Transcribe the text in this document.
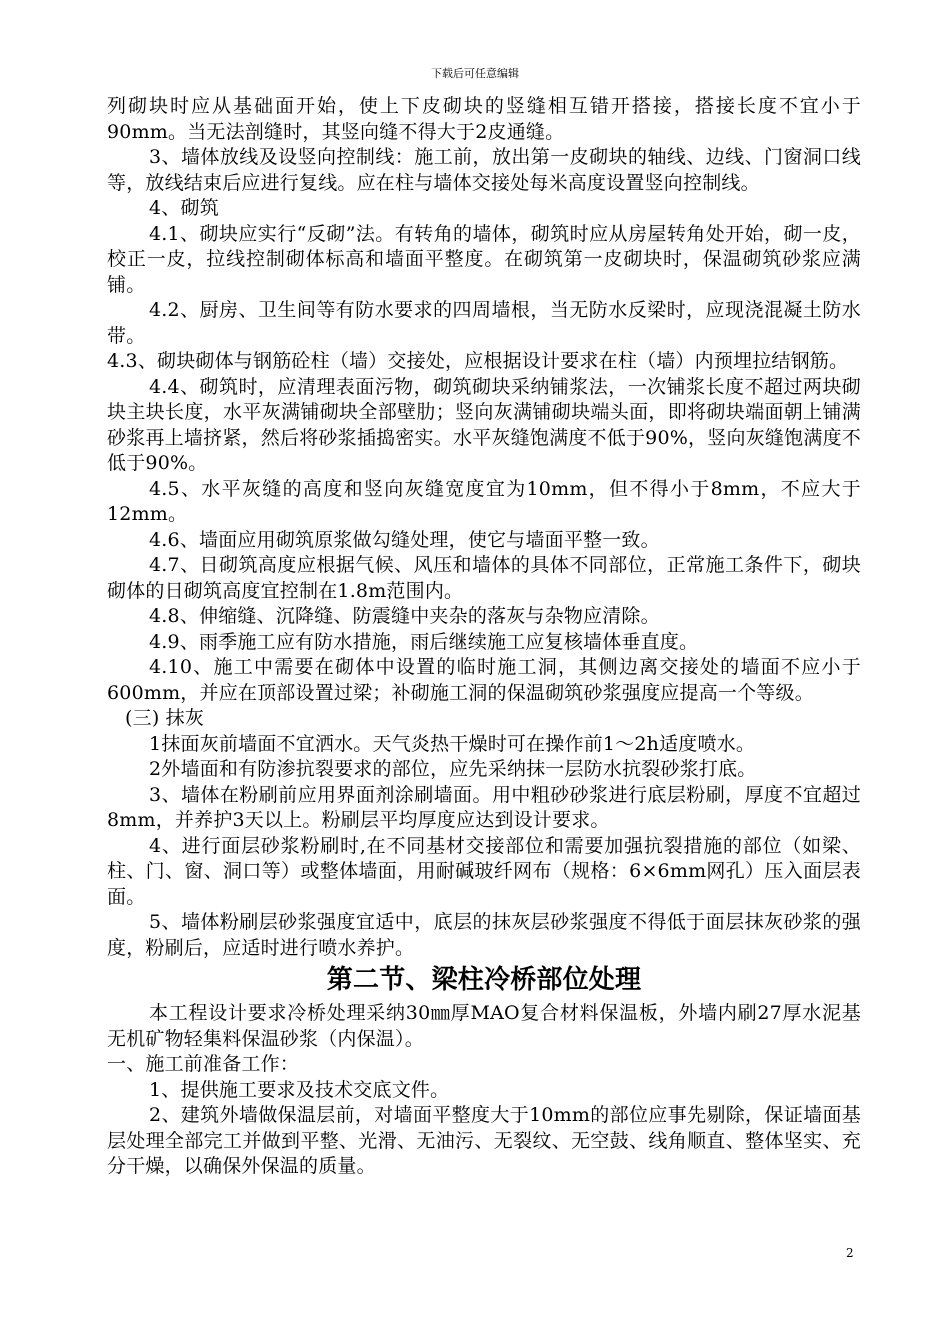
下载后可任意编辑

列砌块时应从基础面开始，使上下皮砌块的竖缝相互错开搭接，搭接长度不宜小于90mm。当无法剖缝时，其竖向缝不得大于2皮通缝。

3、墙体放线及设竖向控制线：施工前，放出第一皮砌块的轴线、边线、门窗洞口线等，放线结束后应进行复线。应在柱与墙体交接处每米高度设置竖向控制线。

4、砌筑

4.1、砌块应实行“反砌”法。有转角的墙体，砌筑时应从房屋转角处开始，砌一皮，校正一皮，拉线控制砌体标高和墙面平整度。在砌筑第一皮砌块时，保温砌筑砂浆应满铺。

4.2、厨房、卫生间等有防水要求的四周墙根，当无防水反梁时，应现浇混凝土防水带。

4.3、砌块砌体与钢筋砼柱（墙）交接处，应根据设计要求在柱（墙）内预埋拉结钢筋。

4.4、砌筑时，应清理表面污物，砌筑砌块采纳铺浆法，一次铺浆长度不超过两块砌块主块长度，水平灰满铺砌块全部壁肋；竖向灰满铺砌块端头面，即将砌块端面朝上铺满砂浆再上墙挤紧，然后将砂浆插捣密实。水平灰缝饱满度不低于90%，竖向灰缝饱满度不低于90%。

4.5、水平灰缝的高度和竖向灰缝宽度宜为10mm，但不得小于8mm，不应大于12mm。

4.6、墙面应用砌筑原浆做勾缝处理，使它与墙面平整一致。

4.7、日砌筑高度应根据气候、风压和墙体的具体不同部位，正常施工条件下，砌块砌体的日砌筑高度宜控制在1.8m范围内。

4.8、伸缩缝、沉降缝、防震缝中夹杂的落灰与杂物应清除。

4.9、雨季施工应有防水措施，雨后继续施工应复核墙体垂直度。

4.10、施工中需要在砌体中设置的临时施工洞，其侧边离交接处的墙面不应小于600mm，并应在顶部设置过梁；补砌施工洞的保温砌筑砂浆强度应提高一个等级。

(三) 抹灰

1抹面灰前墙面不宜洒水。天气炎热干燥时可在操作前1～2h适度喷水。

2外墙面和有防渗抗裂要求的部位，应先采纳抹一层防水抗裂砂浆打底。

3、墙体在粉刷前应用界面剂涂刷墙面。用中粗砂砂浆进行底层粉刷，厚度不宜超过8mm，并养护3天以上。粉刷层平均厚度应达到设计要求。

4、进行面层砂浆粉刷时,在不同基材交接部位和需要加强抗裂措施的部位（如梁、柱、门、窗、洞口等）或整体墙面，用耐碱玻纤网布（规格：6×6mm网孔）压入面层表面。

5、墙体粉刷层砂浆强度宜适中，底层的抹灰层砂浆强度不得低于面层抹灰砂浆的强度，粉刷后，应适时进行喷水养护。

第二节、梁柱冷桥部位处理

本工程设计要求冷桥处理采纳30㎜厚MAO复合材料保温板，外墙内刷27厚水泥基无机矿物轻集料保温砂浆（内保温）。

一、施工前准备工作：

1、提供施工要求及技术交底文件。

2、建筑外墙做保温层前，对墙面平整度大于10mm的部位应事先剔除，保证墙面基层处理全部完工并做到平整、光滑、无油污、无裂纹、无空鼓、线角顺直、整体坚实、充分干燥，以确保外保温的质量。

2
